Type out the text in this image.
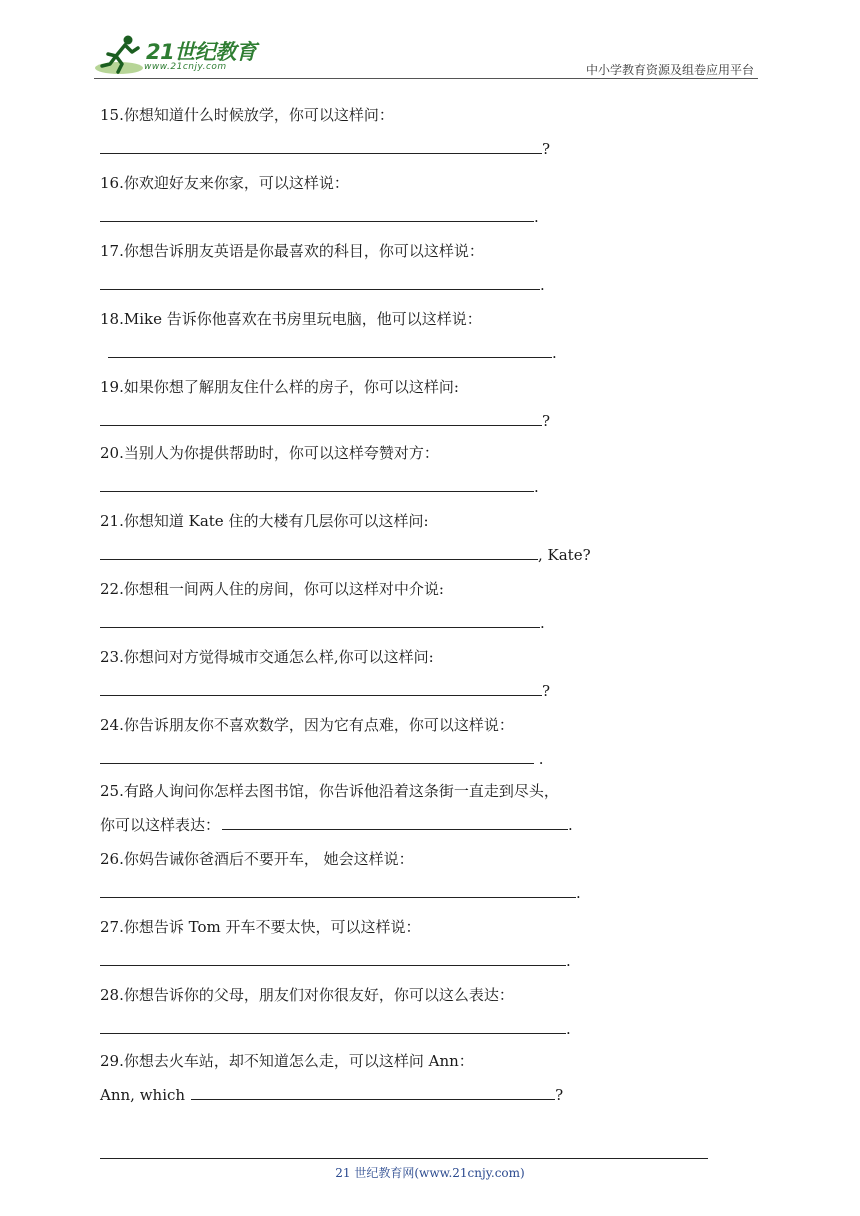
21世纪教育
www.21cnjy.com	中小学教育资源及组卷应用平台
15.你想知道什么时候放学，你可以这样问：
?
16.你欢迎好友来你家，可以这样说：
.
17.你想告诉朋友英语是你最喜欢的科目，你可以这样说：
.
18.Mike 告诉你他喜欢在书房里玩电脑，他可以这样说：
.
19.如果你想了解朋友住什么样的房子，你可以这样问:
?
20.当别人为你提供帮助时，你可以这样夸赞对方：
.
21.你想知道 Kate 住的大楼有几层你可以这样问:
, Kate?
22.你想租一间两人住的房间，你可以这样对中介说:
.
23.你想问对方觉得城市交通怎么样,你可以这样问:
?
24.你告诉朋友你不喜欢数学，因为它有点难，你可以这样说：
.
25.有路人询问你怎样去图书馆，你告诉他沿着这条街一直走到尽头，
你可以这样表达：	.
26.你妈告诫你爸酒后不要开车， 她会这样说：
.
27.你想告诉 Tom 开车不要太快，可以这样说：
.
28.你想告诉你的父母，朋友们对你很友好，你可以这么表达：
.
29.你想去火车站，却不知道怎么走，可以这样问 Ann：
Ann, which	?
21 世纪教育网(www.21cnjy.com)
